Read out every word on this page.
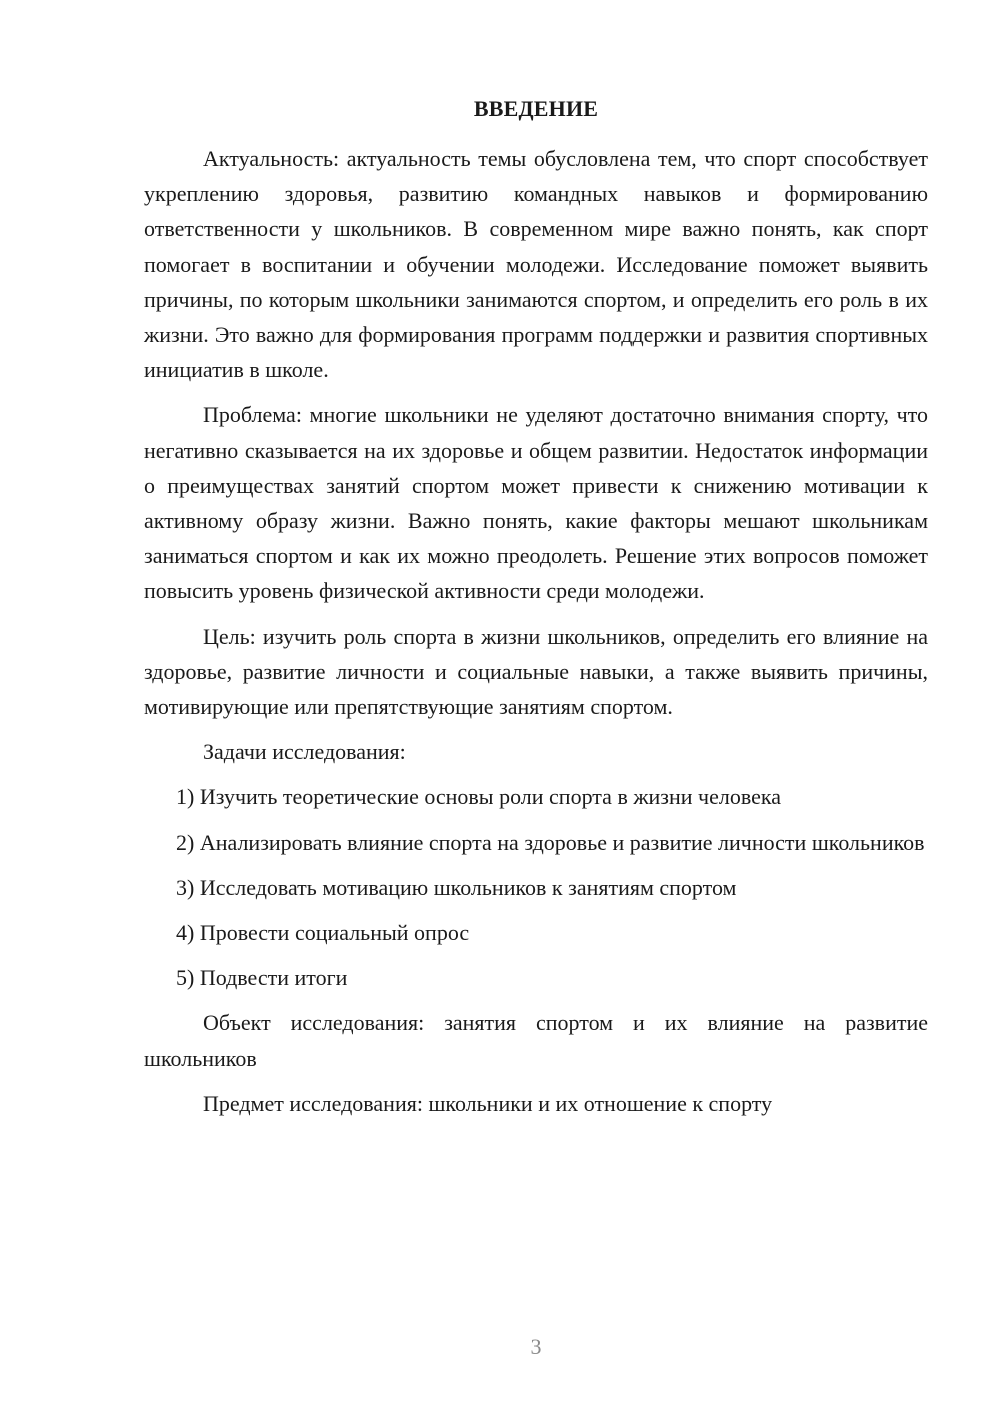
ВВЕДЕНИЕ

Актуальность: актуальность темы обусловлена тем, что спорт способствует укреплению здоровья, развитию командных навыков и формированию ответственности у школьников. В современном мире важно понять, как спорт помогает в воспитании и обучении молодежи. Исследование поможет выявить причины, по которым школьники занимаются спортом, и определить его роль в их жизни. Это важно для формирования программ поддержки и развития спортивных инициатив в школе.

Проблема: многие школьники не уделяют достаточно внимания спорту, что негативно сказывается на их здоровье и общем развитии. Недостаток информации о преимуществах занятий спортом может привести к снижению мотивации к активному образу жизни. Важно понять, какие факторы мешают школьникам заниматься спортом и как их можно преодолеть. Решение этих вопросов поможет повысить уровень физической активности среди молодежи.

Цель: изучить роль спорта в жизни школьников, определить его влияние на здоровье, развитие личности и социальные навыки, а также выявить причины, мотивирующие или препятствующие занятиям спортом.

Задачи исследования:

1) Изучить теоретические основы роли спорта в жизни человека

2) Анализировать влияние спорта на здоровье и развитие личности школьников

3) Исследовать мотивацию школьников к занятиям спортом

4) Провести социальный опрос

5) Подвести итоги

Объект исследования: занятия спортом и их влияние на развитие школьников

Предмет исследования: школьники и их отношение к спорту

3
